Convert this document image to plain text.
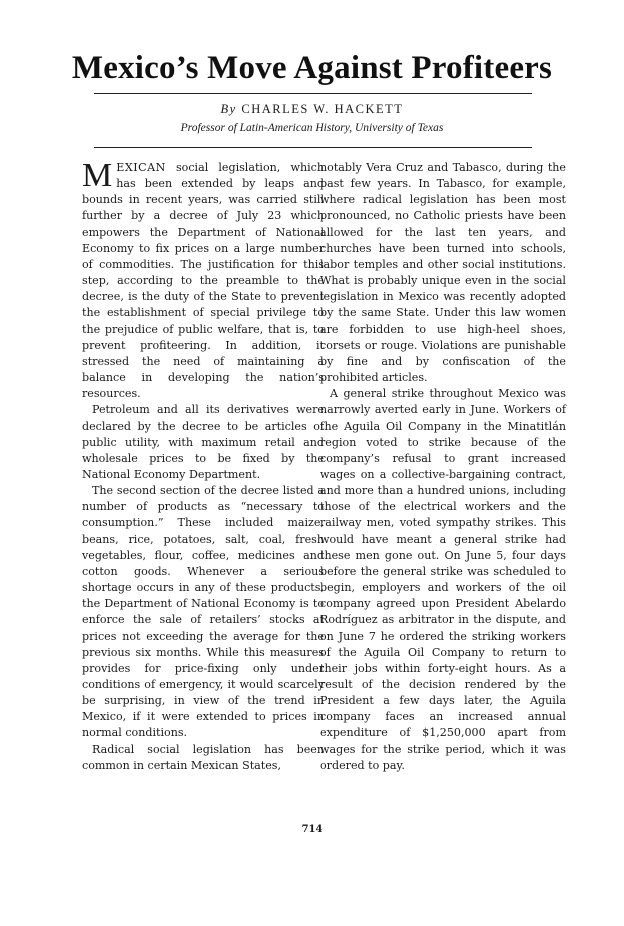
Mexico’s Move Against Profiteers
By CHARLES W. HACKETT
Professor of Latin-American History, University of Texas

MEXICAN social legislation, which has been extended by leaps and bounds in recent years, was carried still further by a decree of July 23 which empowers the Department of National Economy to fix prices on a large number of commodities. The justification for this step, according to the preamble to the decree, is the duty of the State to prevent the establishment of special privilege to the prejudice of public welfare, that is, to prevent profiteering. In addition, it stressed the need of maintaining a balance in developing the nation’s resources.

Petroleum and all its derivatives were declared by the decree to be articles of public utility, with maximum retail and wholesale prices to be fixed by the National Economy Department.

The second section of the decree listed a number of products as “necessary to consumption.” These included maize, beans, rice, potatoes, salt, coal, fresh vegetables, flour, coffee, medicines and cotton goods. Whenever a serious shortage occurs in any of these products, the Department of National Economy is to enforce the sale of retailers’ stocks at prices not exceeding the average for the previous six months. While this measures provides for price-fixing only under conditions of emergency, it would scarcely be surprising, in view of the trend in Mexico, if it were extended to prices in normal conditions.

Radical social legislation has been common in certain Mexican States,

notably Vera Cruz and Tabasco, during the past few years. In Tabasco, for example, where radical legislation has been most pronounced, no Catholic priests have been allowed for the last ten years, and churches have been turned into schools, labor temples and other social institutions. What is probably unique even in the social legislation in Mexico was recently adopted by the same State. Under this law women are forbidden to use high-heel shoes, corsets or rouge. Violations are punishable by fine and by confiscation of the prohibited articles.

A general strike throughout Mexico was narrowly averted early in June. Workers of the Aguila Oil Company in the Minatitlán region voted to strike because of the company’s refusal to grant increased wages on a collective-bargaining contract, and more than a hundred unions, including those of the electrical workers and the railway men, voted sympathy strikes. This would have meant a general strike had these men gone out. On June 5, four days before the general strike was scheduled to begin, employers and workers of the oil company agreed upon President Abelardo Rodríguez as arbitrator in the dispute, and on June 7 he ordered the striking workers of the Aguila Oil Company to return to their jobs within forty-eight hours. As a result of the decision rendered by the President a few days later, the Aguila company faces an increased annual expenditure of $1,250,000 apart from wages for the strike period, which it was ordered to pay.

714
